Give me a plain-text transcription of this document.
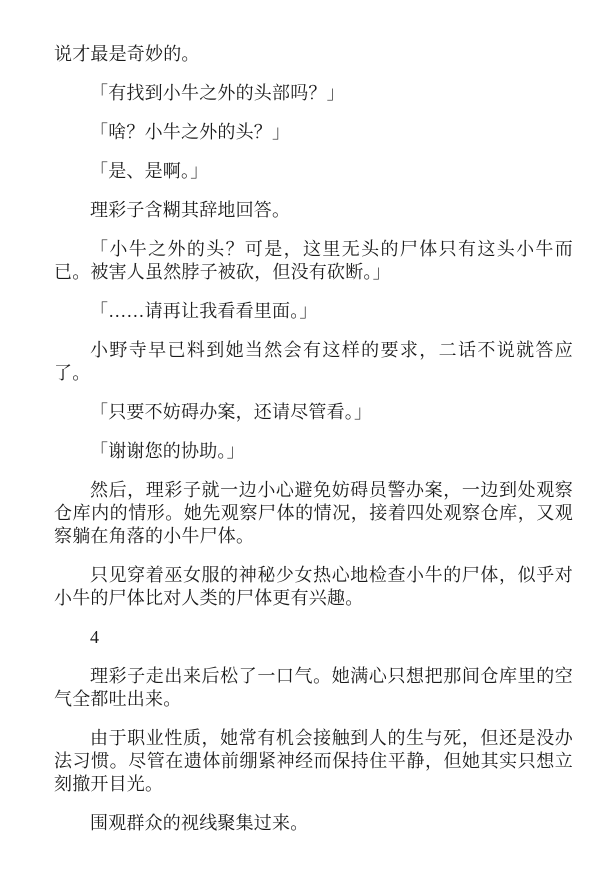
说才最是奇妙的。

「有找到小牛之外的头部吗？」

「啥？小牛之外的头？」

「是、是啊。」

理彩子含糊其辞地回答。

「小牛之外的头？可是，这里无头的尸体只有这头小牛而已。被害人虽然脖子被砍，但没有砍断。」

「……请再让我看看里面。」

小野寺早已料到她当然会有这样的要求，二话不说就答应了。

「只要不妨碍办案，还请尽管看。」

「谢谢您的协助。」

然后，理彩子就一边小心避免妨碍员警办案，一边到处观察仓库内的情形。她先观察尸体的情况，接着四处观察仓库，又观察躺在角落的小牛尸体。

只见穿着巫女服的神秘少女热心地检查小牛的尸体，似乎对小牛的尸体比对人类的尸体更有兴趣。

4

理彩子走出来后松了一口气。她满心只想把那间仓库里的空气全都吐出来。

由于职业性质，她常有机会接触到人的生与死，但还是没办法习惯。尽管在遗体前绷紧神经而保持住平静，但她其实只想立刻撤开目光。

围观群众的视线聚集过来。
